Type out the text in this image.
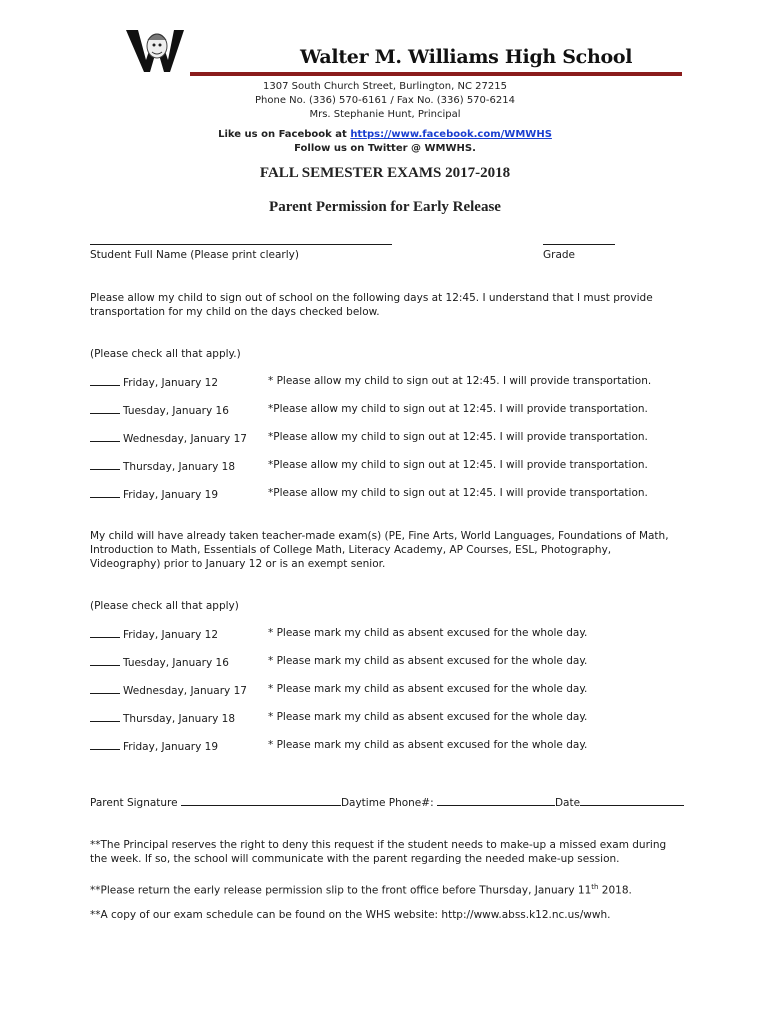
Walter M. Williams High School
1307 South Church Street, Burlington, NC 27215
Phone No. (336) 570-6161 / Fax No. (336) 570-6214
Mrs. Stephanie Hunt, Principal
Like us on Facebook at https://www.facebook.com/WMWHS
Follow us on Twitter @ WMWHS.
FALL SEMESTER EXAMS 2017-2018
Parent Permission for Early Release
Student Full Name (Please print clearly)	Grade
Please allow my child to sign out of school on the following days at 12:45. I understand that I must provide transportation for my child on the days checked below.
(Please check all that apply.)
Friday, January 12	* Please allow my child to sign out at 12:45. I will provide transportation.
Tuesday, January 16	*Please allow my child to sign out at 12:45. I will provide transportation.
Wednesday, January 17 *Please allow my child to sign out at 12:45. I will provide transportation.
Thursday, January 18	*Please allow my child to sign out at 12:45. I will provide transportation.
Friday, January 19	*Please allow my child to sign out at 12:45. I will provide transportation.
My child will have already taken teacher-made exam(s) (PE, Fine Arts, World Languages, Foundations of Math, Introduction to Math, Essentials of College Math, Literacy Academy, AP Courses, ESL, Photography, Videography) prior to January 12 or is an exempt senior.
(Please check all that apply)
Friday, January 12	* Please mark my child as absent excused for the whole day.
Tuesday, January 16	* Please mark my child as absent excused for the whole day.
Wednesday, January 17 * Please mark my child as absent excused for the whole day.
Thursday, January 18	* Please mark my child as absent excused for the whole day.
Friday, January 19	* Please mark my child as absent excused for the whole day.
Parent Signature	Daytime Phone#:	Date
**The Principal reserves the right to deny this request if the student needs to make-up a missed exam during the week. If so, the school will communicate with the parent regarding the needed make-up session.
**Please return the early release permission slip to the front office before Thursday, January 11th 2018.
**A copy of our exam schedule can be found on the WHS website: http://www.abss.k12.nc.us/wwh.
